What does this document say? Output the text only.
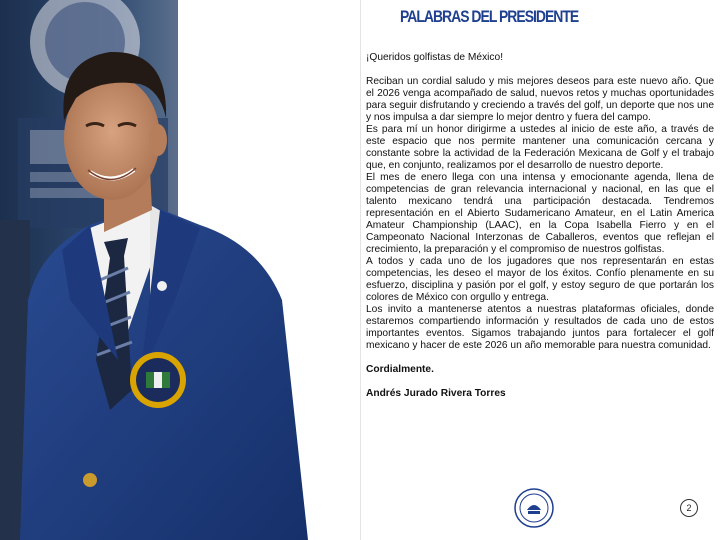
PALABRAS DEL PRESIDENTE

¡Queridos golfistas de México!

Reciban un cordial saludo y mis mejores deseos para este nuevo año. Que el 2026 venga acompañado de salud, nuevos retos y muchas oportunidades para seguir disfrutando y creciendo a través del golf, un deporte que nos une y nos impulsa a dar siempre lo mejor dentro y fuera del campo.

Es para mí un honor dirigirme a ustedes al inicio de este año, a través de este espacio que nos permite mantener una comunicación cercana y constante sobre la actividad de la Federación Mexicana de Golf y el trabajo que, en conjunto, realizamos por el desarrollo de nuestro deporte.

El mes de enero llega con una intensa y emocionante agenda, llena de competencias de gran relevancia internacional y nacional, en las que el talento mexicano tendrá una participación destacada. Tendremos representación en el Abierto Sudamericano Amateur, en el Latin America Amateur Championship (LAAC), en la Copa Isabella Fierro y en el Campeonato Nacional Interzonas de Caballeros, eventos que reflejan el crecimiento, la preparación y el compromiso de nuestros golfistas.

A todos y cada uno de los jugadores que nos representarán en estas competencias, les deseo el mayor de los éxitos. Confío plenamente en su esfuerzo, disciplina y pasión por el golf, y estoy seguro de que portarán los colores de México con orgullo y entrega.

Los invito a mantenerse atentos a nuestras plataformas oficiales, donde estaremos compartiendo información y resultados de cada uno de estos importantes eventos. Sigamos trabajando juntos para fortalecer el golf mexicano y hacer de este 2026 un año memorable para nuestra comunidad.

Cordialmente.

Andrés Jurado Rivera Torres

2
